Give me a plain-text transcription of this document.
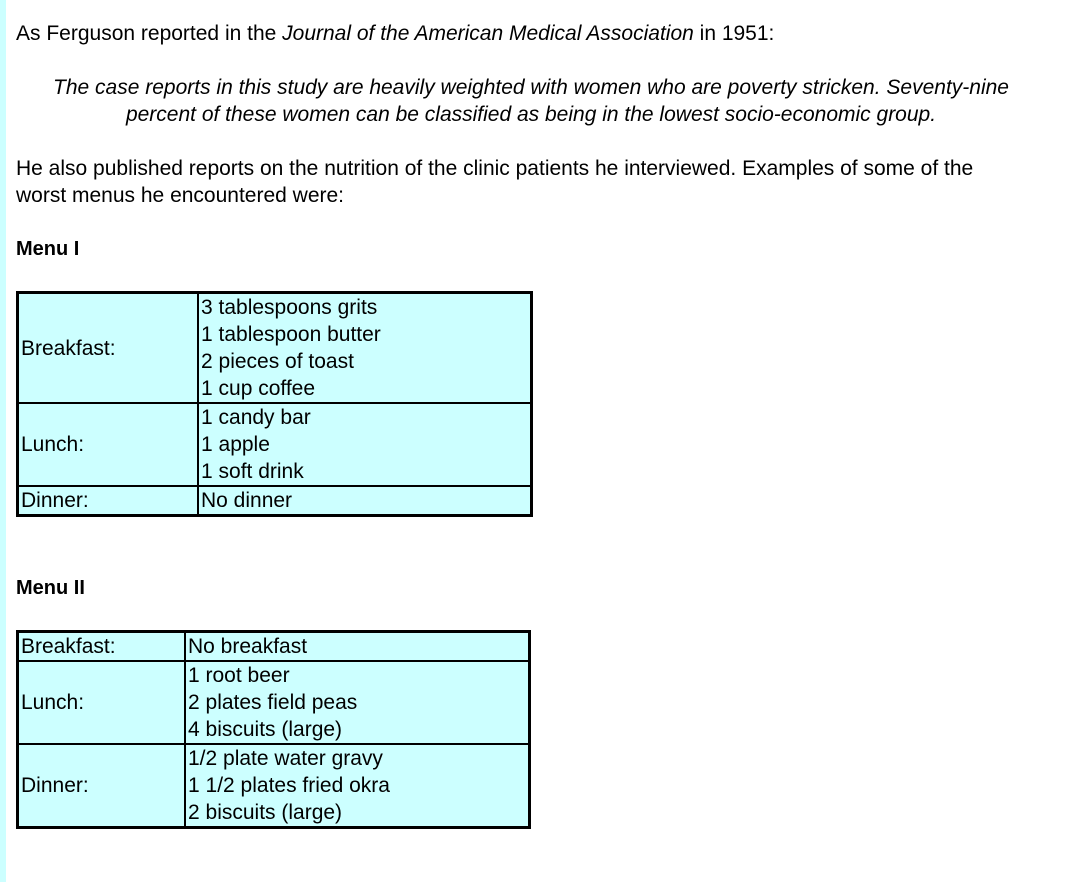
As Ferguson reported in the Journal of the American Medical Association in 1951:

The case reports in this study are heavily weighted with women who are poverty stricken. Seventy-nine percent of these women can be classified as being in the lowest socio-economic group.

He also published reports on the nutrition of the clinic patients he interviewed. Examples of some of the worst menus he encountered were:

Menu I

Breakfast:	3 tablespoons grits
1 tablespoon butter
2 pieces of toast
1 cup coffee

Lunch:	1 candy bar
1 apple
1 soft drink

Dinner:	No dinner

Menu II

Breakfast:	No breakfast

Lunch:	1 root beer
2 plates field peas
4 biscuits (large)

Dinner:	1/2 plate water gravy
1 1/2 plates fried okra
2 biscuits (large)
